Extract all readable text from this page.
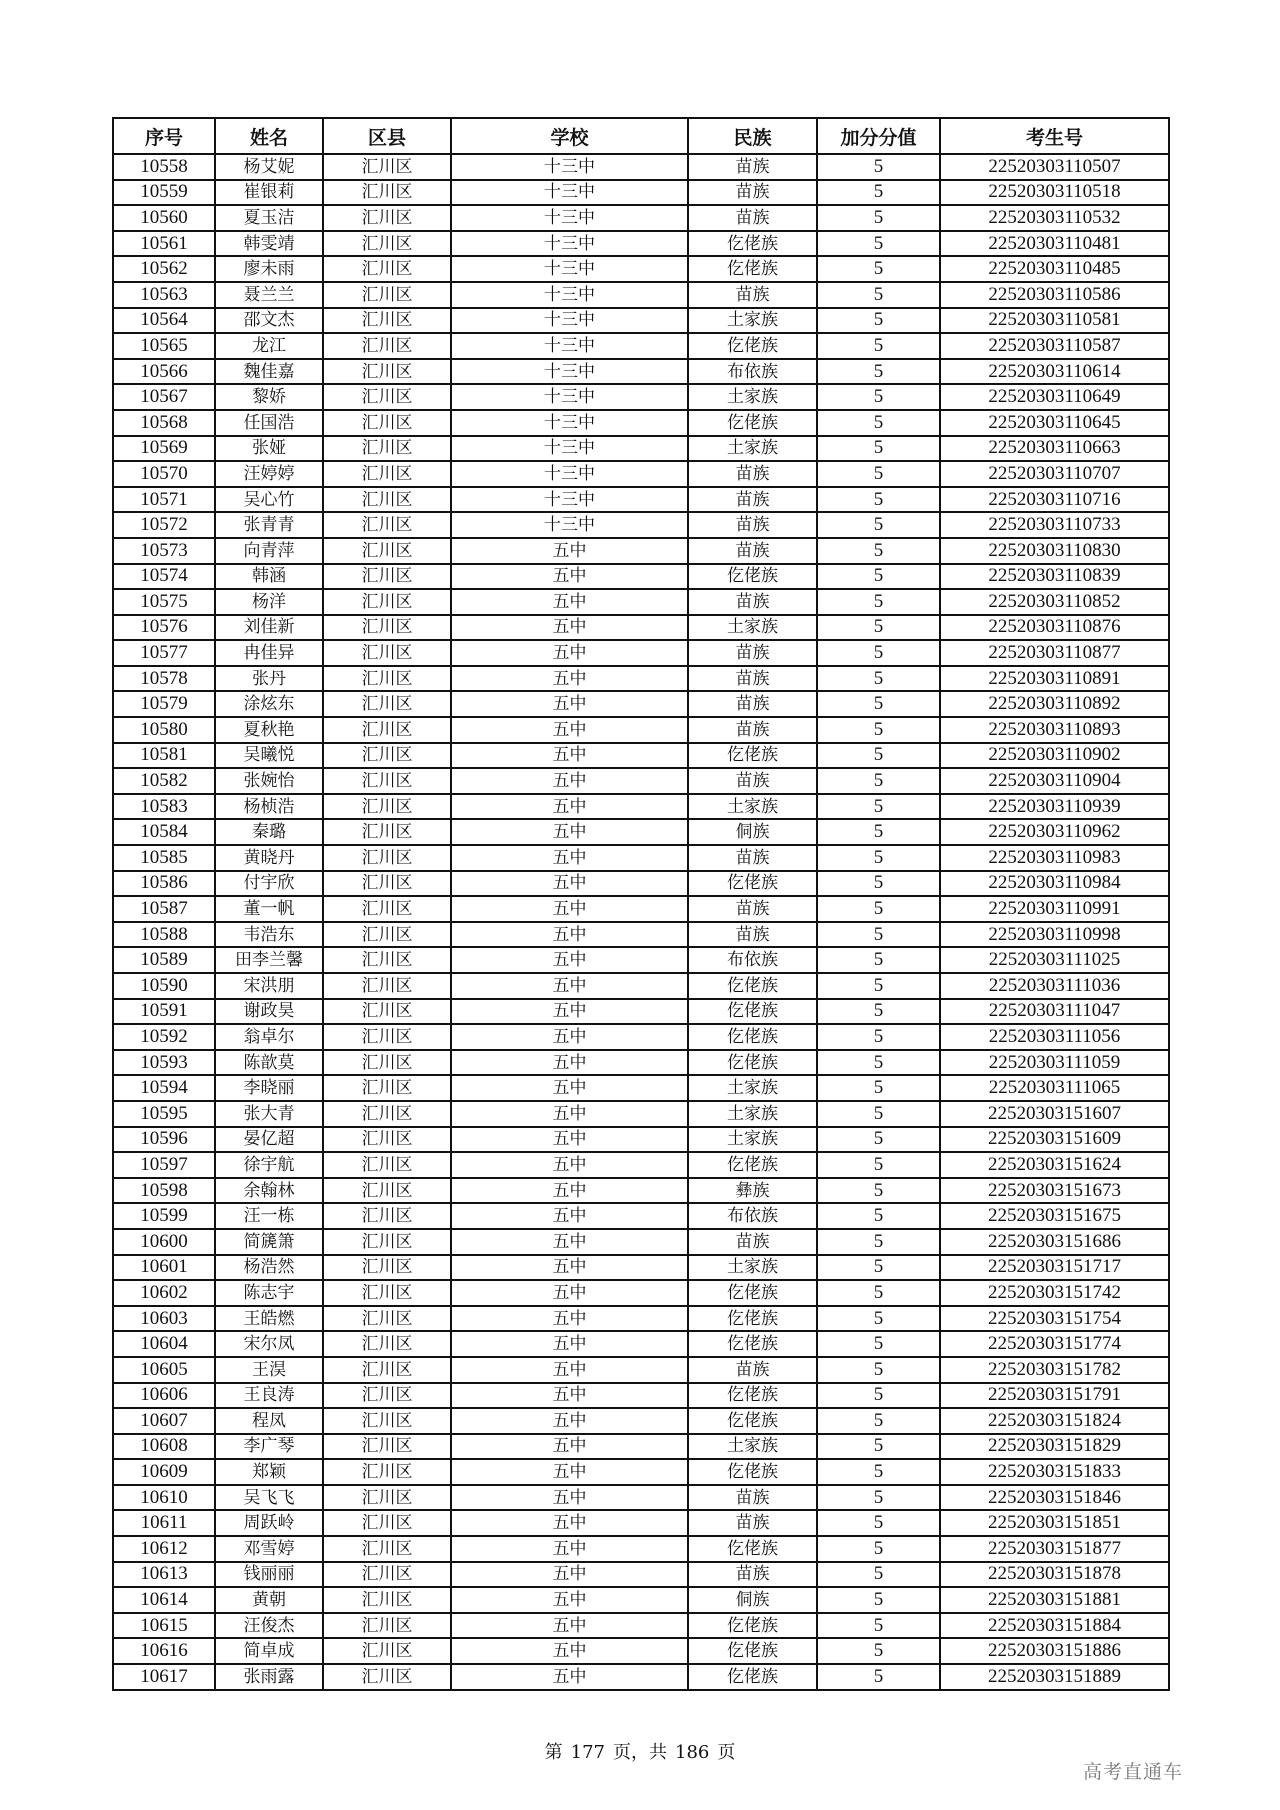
序号	姓名	区县	学校	民族	加分分值	考生号
10558	杨艾妮	汇川区	十三中	苗族	5	22520303110507
10559	崔银莉	汇川区	十三中	苗族	5	22520303110518
10560	夏玉洁	汇川区	十三中	苗族	5	22520303110532
10561	韩雯靖	汇川区	十三中	仡佬族	5	22520303110481
10562	廖未雨	汇川区	十三中	仡佬族	5	22520303110485
10563	聂兰兰	汇川区	十三中	苗族	5	22520303110586
10564	邵文杰	汇川区	十三中	土家族	5	22520303110581
10565	龙江	汇川区	十三中	仡佬族	5	22520303110587
10566	魏佳嘉	汇川区	十三中	布依族	5	22520303110614
10567	黎娇	汇川区	十三中	土家族	5	22520303110649
10568	任国浩	汇川区	十三中	仡佬族	5	22520303110645
10569	张娅	汇川区	十三中	土家族	5	22520303110663
10570	汪婷婷	汇川区	十三中	苗族	5	22520303110707
10571	吴心竹	汇川区	十三中	苗族	5	22520303110716
10572	张青青	汇川区	十三中	苗族	5	22520303110733
10573	向青萍	汇川区	五中	苗族	5	22520303110830
10574	韩涵	汇川区	五中	仡佬族	5	22520303110839
10575	杨洋	汇川区	五中	苗族	5	22520303110852
10576	刘佳新	汇川区	五中	土家族	5	22520303110876
10577	冉佳异	汇川区	五中	苗族	5	22520303110877
10578	张丹	汇川区	五中	苗族	5	22520303110891
10579	涂炫东	汇川区	五中	苗族	5	22520303110892
10580	夏秋艳	汇川区	五中	苗族	5	22520303110893
10581	吴曦悦	汇川区	五中	仡佬族	5	22520303110902
10582	张婉怡	汇川区	五中	苗族	5	22520303110904
10583	杨桢浩	汇川区	五中	土家族	5	22520303110939
10584	秦璐	汇川区	五中	侗族	5	22520303110962
10585	黄晓丹	汇川区	五中	苗族	5	22520303110983
10586	付宇欣	汇川区	五中	仡佬族	5	22520303110984
10587	董一帆	汇川区	五中	苗族	5	22520303110991
10588	韦浩东	汇川区	五中	苗族	5	22520303110998
10589	田李兰馨	汇川区	五中	布依族	5	22520303111025
10590	宋洪朋	汇川区	五中	仡佬族	5	22520303111036
10591	谢政昊	汇川区	五中	仡佬族	5	22520303111047
10592	翁卓尔	汇川区	五中	仡佬族	5	22520303111056
10593	陈歆莫	汇川区	五中	仡佬族	5	22520303111059
10594	李晓丽	汇川区	五中	土家族	5	22520303111065
10595	张大青	汇川区	五中	土家族	5	22520303151607
10596	晏亿超	汇川区	五中	土家族	5	22520303151609
10597	徐宇航	汇川区	五中	仡佬族	5	22520303151624
10598	余翰林	汇川区	五中	彝族	5	22520303151673
10599	汪一栋	汇川区	五中	布依族	5	22520303151675
10600	简篪箫	汇川区	五中	苗族	5	22520303151686
10601	杨浩然	汇川区	五中	土家族	5	22520303151717
10602	陈志宇	汇川区	五中	仡佬族	5	22520303151742
10603	王皓燃	汇川区	五中	仡佬族	5	22520303151754
10604	宋尔凤	汇川区	五中	仡佬族	5	22520303151774
10605	王淏	汇川区	五中	苗族	5	22520303151782
10606	王良涛	汇川区	五中	仡佬族	5	22520303151791
10607	程凤	汇川区	五中	仡佬族	5	22520303151824
10608	李广琴	汇川区	五中	土家族	5	22520303151829
10609	郑颖	汇川区	五中	仡佬族	5	22520303151833
10610	吴飞飞	汇川区	五中	苗族	5	22520303151846
10611	周跃岭	汇川区	五中	苗族	5	22520303151851
10612	邓雪婷	汇川区	五中	仡佬族	5	22520303151877
10613	钱丽丽	汇川区	五中	苗族	5	22520303151878
10614	黄朝	汇川区	五中	侗族	5	22520303151881
10615	汪俊杰	汇川区	五中	仡佬族	5	22520303151884
10616	简卓成	汇川区	五中	仡佬族	5	22520303151886
10617	张雨露	汇川区	五中	仡佬族	5	22520303151889
第 177 页，共 186 页
高考直通车
